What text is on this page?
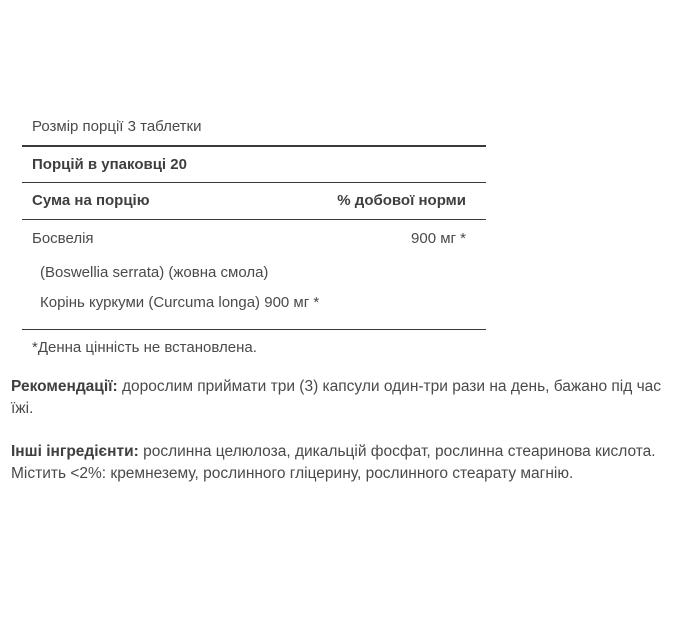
Розмір порції 3 таблетки
Порцій в упаковці 20
Сума на порцію	% добової норми
Босвелія	900 мг *
(Boswellia serrata) (жовна смола)
Корінь куркуми (Curcuma longa) 900 мг *
*Денна цінність не встановлена.
Рекомендації: дорослим приймати три (3) капсули один-три рази на день, бажано під час їжі.
Інші інгредієнти: рослинна целюлоза, дикальцій фосфат, рослинна стеаринова кислота. Містить <2%: кремнезему, рослинного гліцерину, рослинного стеарату магнію.
